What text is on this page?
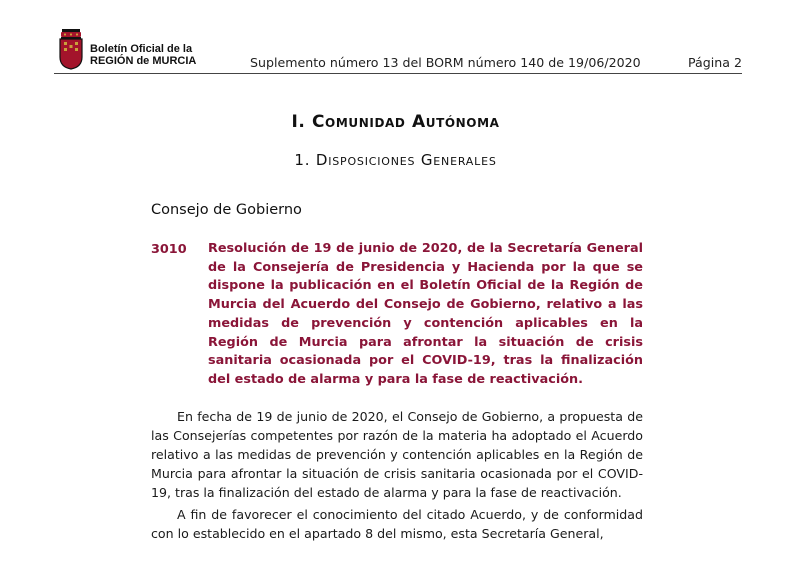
Boletín Oficial de la
REGIÓN de MURCIA	Suplemento número 13 del BORM número 140 de 19/06/2020	Página 2
I. Comunidad Autónoma
1. Disposiciones Generales
Consejo de Gobierno
3010 Resolución de 19 de junio de 2020, de la Secretaría General de la Consejería de Presidencia y Hacienda por la que se dispone la publicación en el Boletín Oficial de la Región de Murcia del Acuerdo del Consejo de Gobierno, relativo a las medidas de prevención y contención aplicables en la Región de Murcia para afrontar la situación de crisis sanitaria ocasionada por el COVID-19, tras la finalización del estado de alarma y para la fase de reactivación.
En fecha de 19 de junio de 2020, el Consejo de Gobierno, a propuesta de las Consejerías competentes por razón de la materia ha adoptado el Acuerdo relativo a las medidas de prevención y contención aplicables en la Región de Murcia para afrontar la situación de crisis sanitaria ocasionada por el COVID-19, tras la finalización del estado de alarma y para la fase de reactivación.
A fin de favorecer el conocimiento del citado Acuerdo, y de conformidad con lo establecido en el apartado 8 del mismo, esta Secretaría General,
